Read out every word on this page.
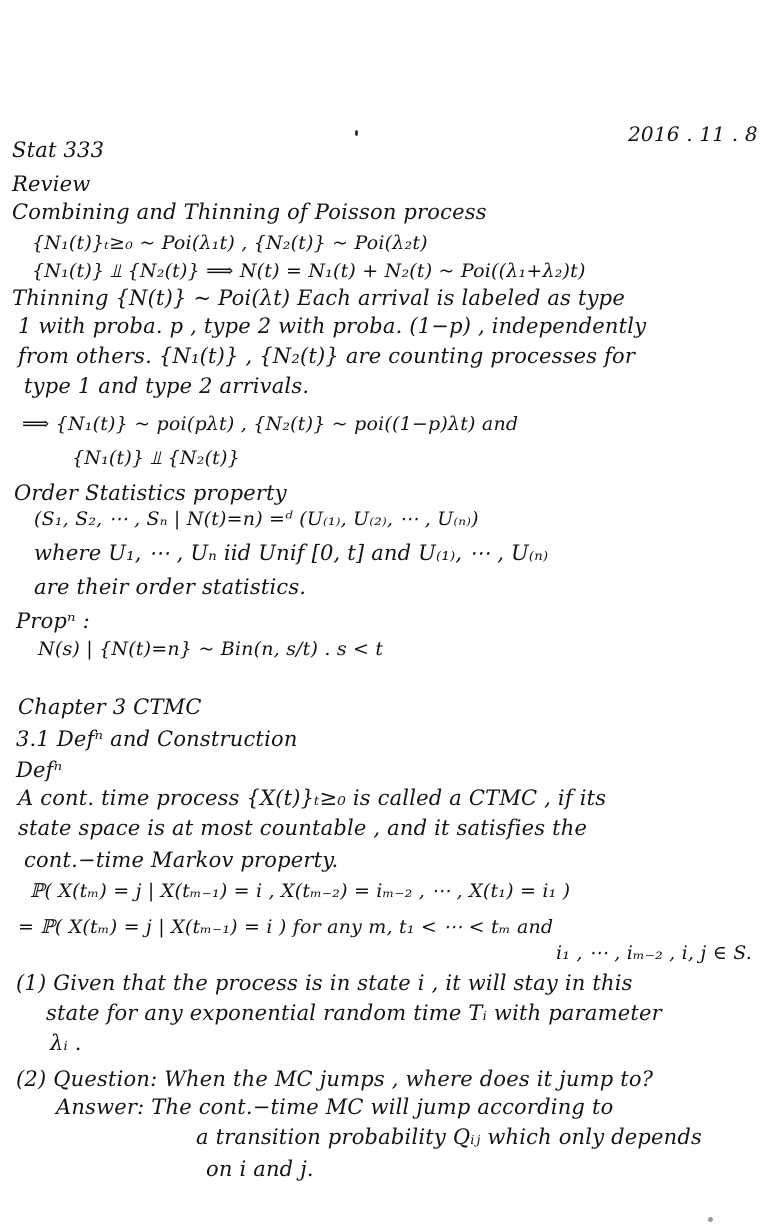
Stat 333
2016 . 11 . 8
Review
Combining and Thinning of Poisson process
{N₁(t)}ₜ≥₀ ~ Poi(λ₁t) , {N₂(t)} ~ Poi(λ₂t)
{N₁(t)} ⫫ {N₂(t)} ⟹ N(t) = N₁(t) + N₂(t) ~ Poi((λ₁+λ₂)t)
Thinning {N(t)} ~ Poi(λt) Each arrival is labeled as type
1 with proba. p , type 2 with proba. (1−p) , independently
from others. {N₁(t)} , {N₂(t)} are counting processes for
type 1 and type 2 arrivals.
⟹ {N₁(t)} ~ poi(pλt) , {N₂(t)} ~ poi((1−p)λt) and
{N₁(t)} ⫫ {N₂(t)}
Order Statistics property
(S₁, S₂, ⋯ , Sₙ | N(t)=n) =ᵈ (U₍₁₎, U₍₂₎, ⋯ , U₍ₙ₎)
where U₁, ⋯ , Uₙ iid Unif [0, t] and U₍₁₎, ⋯ , U₍ₙ₎
are their order statistics.
Propⁿ :
N(s) | {N(t)=n} ~ Bin(n, s/t) . s < t
Chapter 3 CTMC
3.1 Defⁿ and Construction
Defⁿ
A cont. time process {X(t)}ₜ≥₀ is called a CTMC , if its
state space is at most countable , and it satisfies the
cont.−time Markov property.
ℙ( X(tₘ) = j | X(tₘ₋₁) = i , X(tₘ₋₂) = iₘ₋₂ , ⋯ , X(t₁) = i₁ )
= ℙ( X(tₘ) = j | X(tₘ₋₁) = i ) for any m, t₁ < ⋯ < tₘ and
i₁ , ⋯ , iₘ₋₂ , i, j ∈ S.
(1) Given that the process is in state i , it will stay in this
state for any exponential random time Tᵢ with parameter
λᵢ .
(2) Question: When the MC jumps , where does it jump to?
Answer: The cont.−time MC will jump according to
a transition probability Qᵢⱼ which only depends
on i and j.
